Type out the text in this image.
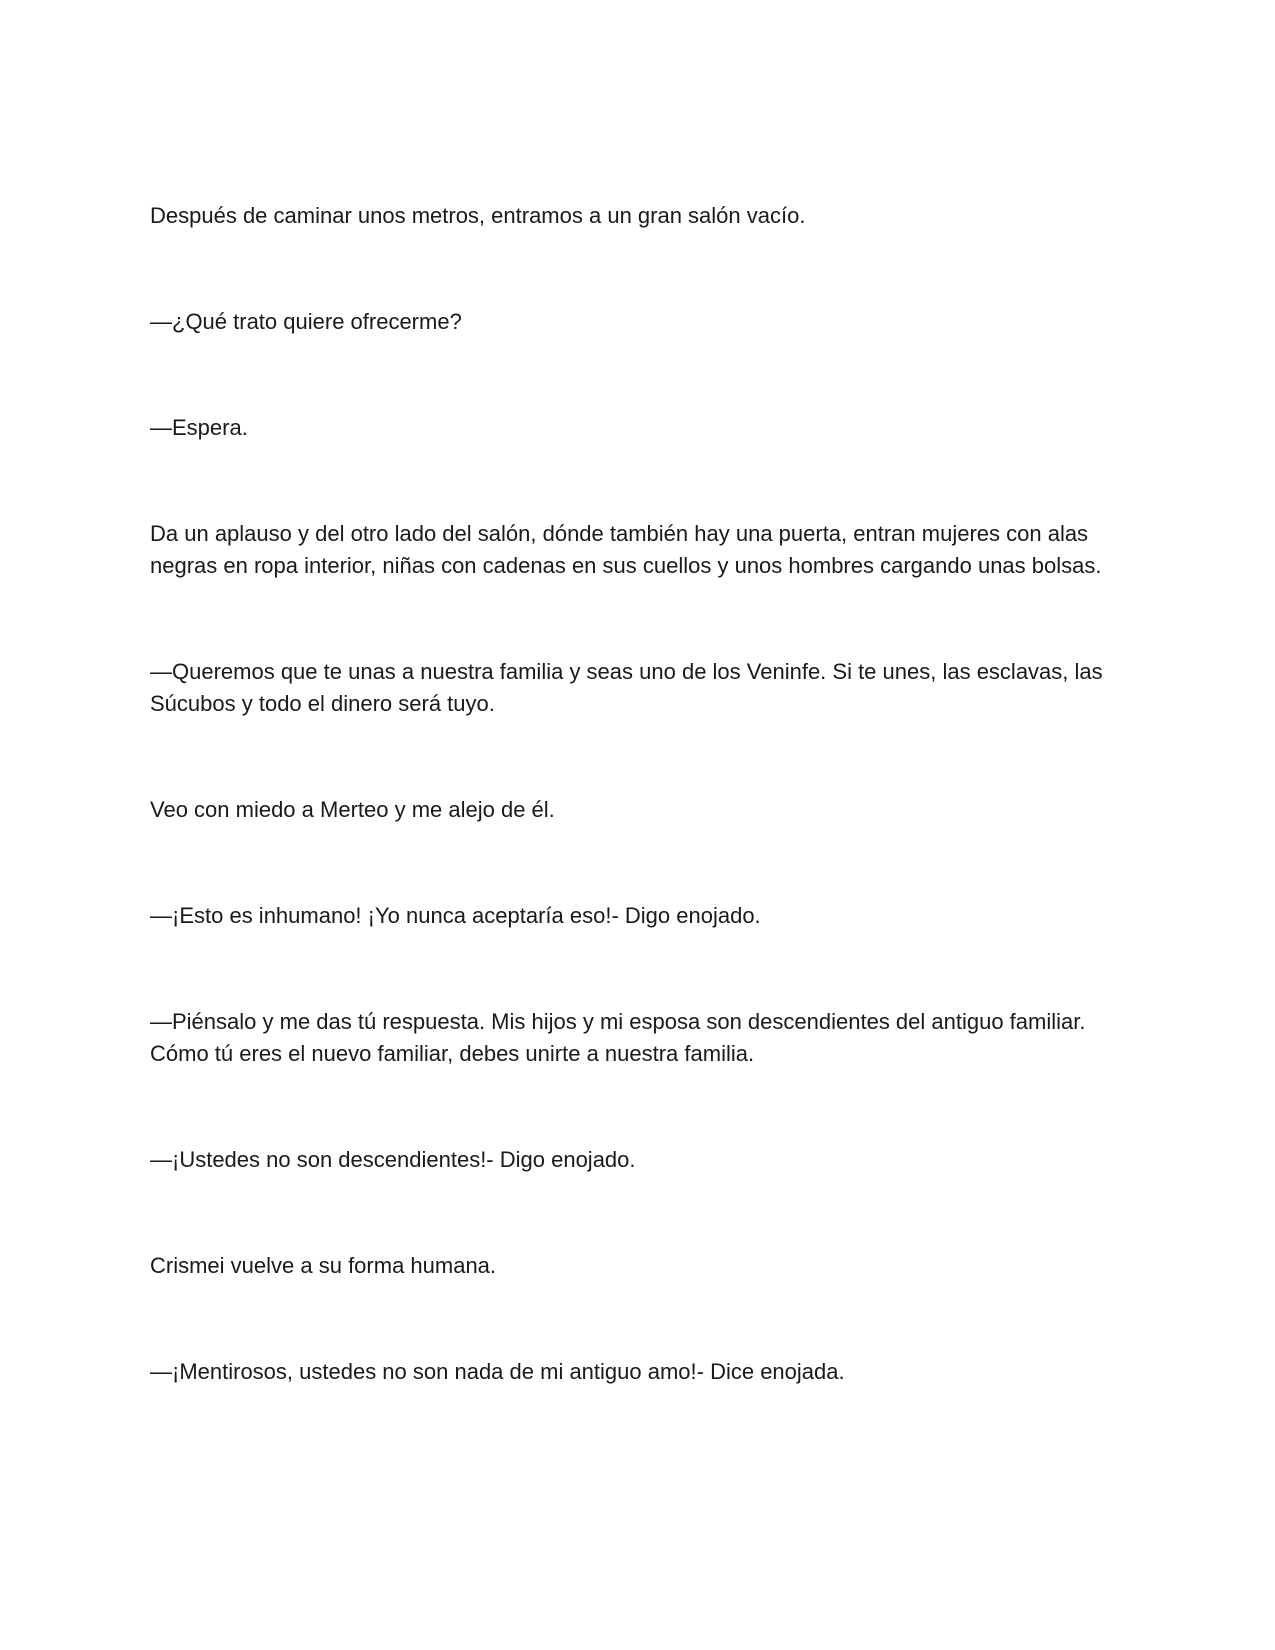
Después de caminar unos metros, entramos a un gran salón vacío.

—¿Qué trato quiere ofrecerme?

—Espera.

Da un aplauso y del otro lado del salón, dónde también hay una puerta, entran mujeres con alas negras en ropa interior, niñas con cadenas en sus cuellos y unos hombres cargando unas bolsas.

—Queremos que te unas a nuestra familia y seas uno de los Veninfe. Si te unes, las esclavas, las Súcubos y todo el dinero será tuyo.

Veo con miedo a Merteo y me alejo de él.

—¡Esto es inhumano! ¡Yo nunca aceptaría eso!- Digo enojado.

—Piénsalo y me das tú respuesta. Mis hijos y mi esposa son descendientes del antiguo familiar. Cómo tú eres el nuevo familiar, debes unirte a nuestra familia.

—¡Ustedes no son descendientes!- Digo enojado.

Crismei vuelve a su forma humana.

—¡Mentirosos, ustedes no son nada de mi antiguo amo!- Dice enojada.
